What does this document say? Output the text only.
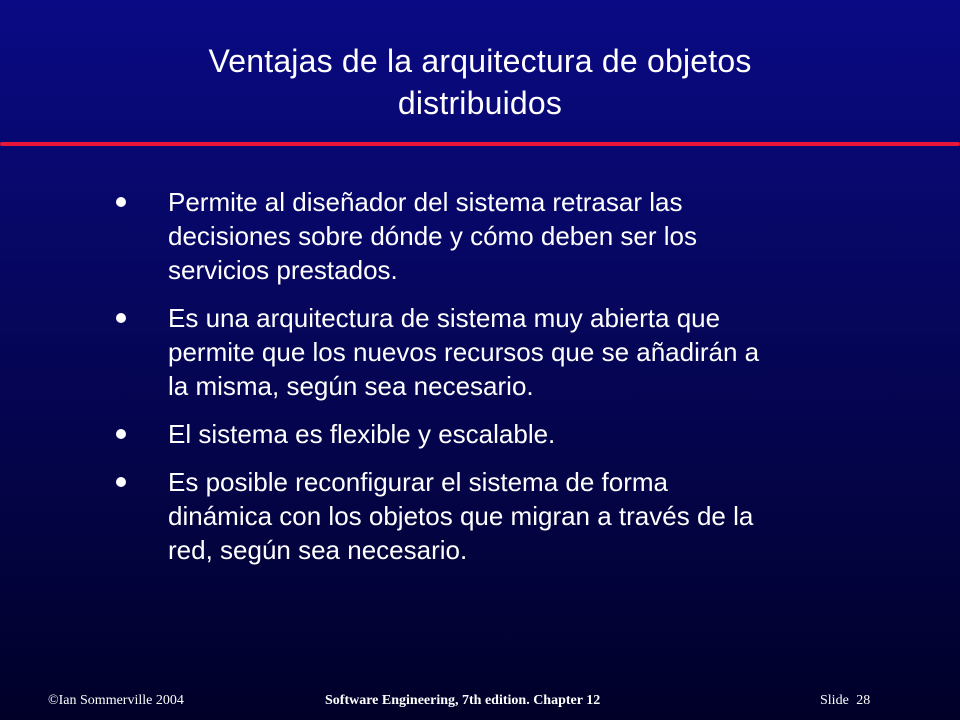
Ventajas de la arquitectura de objetos
distribuidos
Permite al diseñador del sistema retrasar las
decisiones sobre dónde y cómo deben ser los
servicios prestados.
Es una arquitectura de sistema muy abierta que
permite que los nuevos recursos que se añadirán a
la misma, según sea necesario.
El sistema es flexible y escalable.
Es posible reconfigurar el sistema de forma
dinámica con los objetos que migran a través de la
red, según sea necesario.
©Ian Sommerville 2004	Software Engineering, 7th edition. Chapter 12	Slide 28
